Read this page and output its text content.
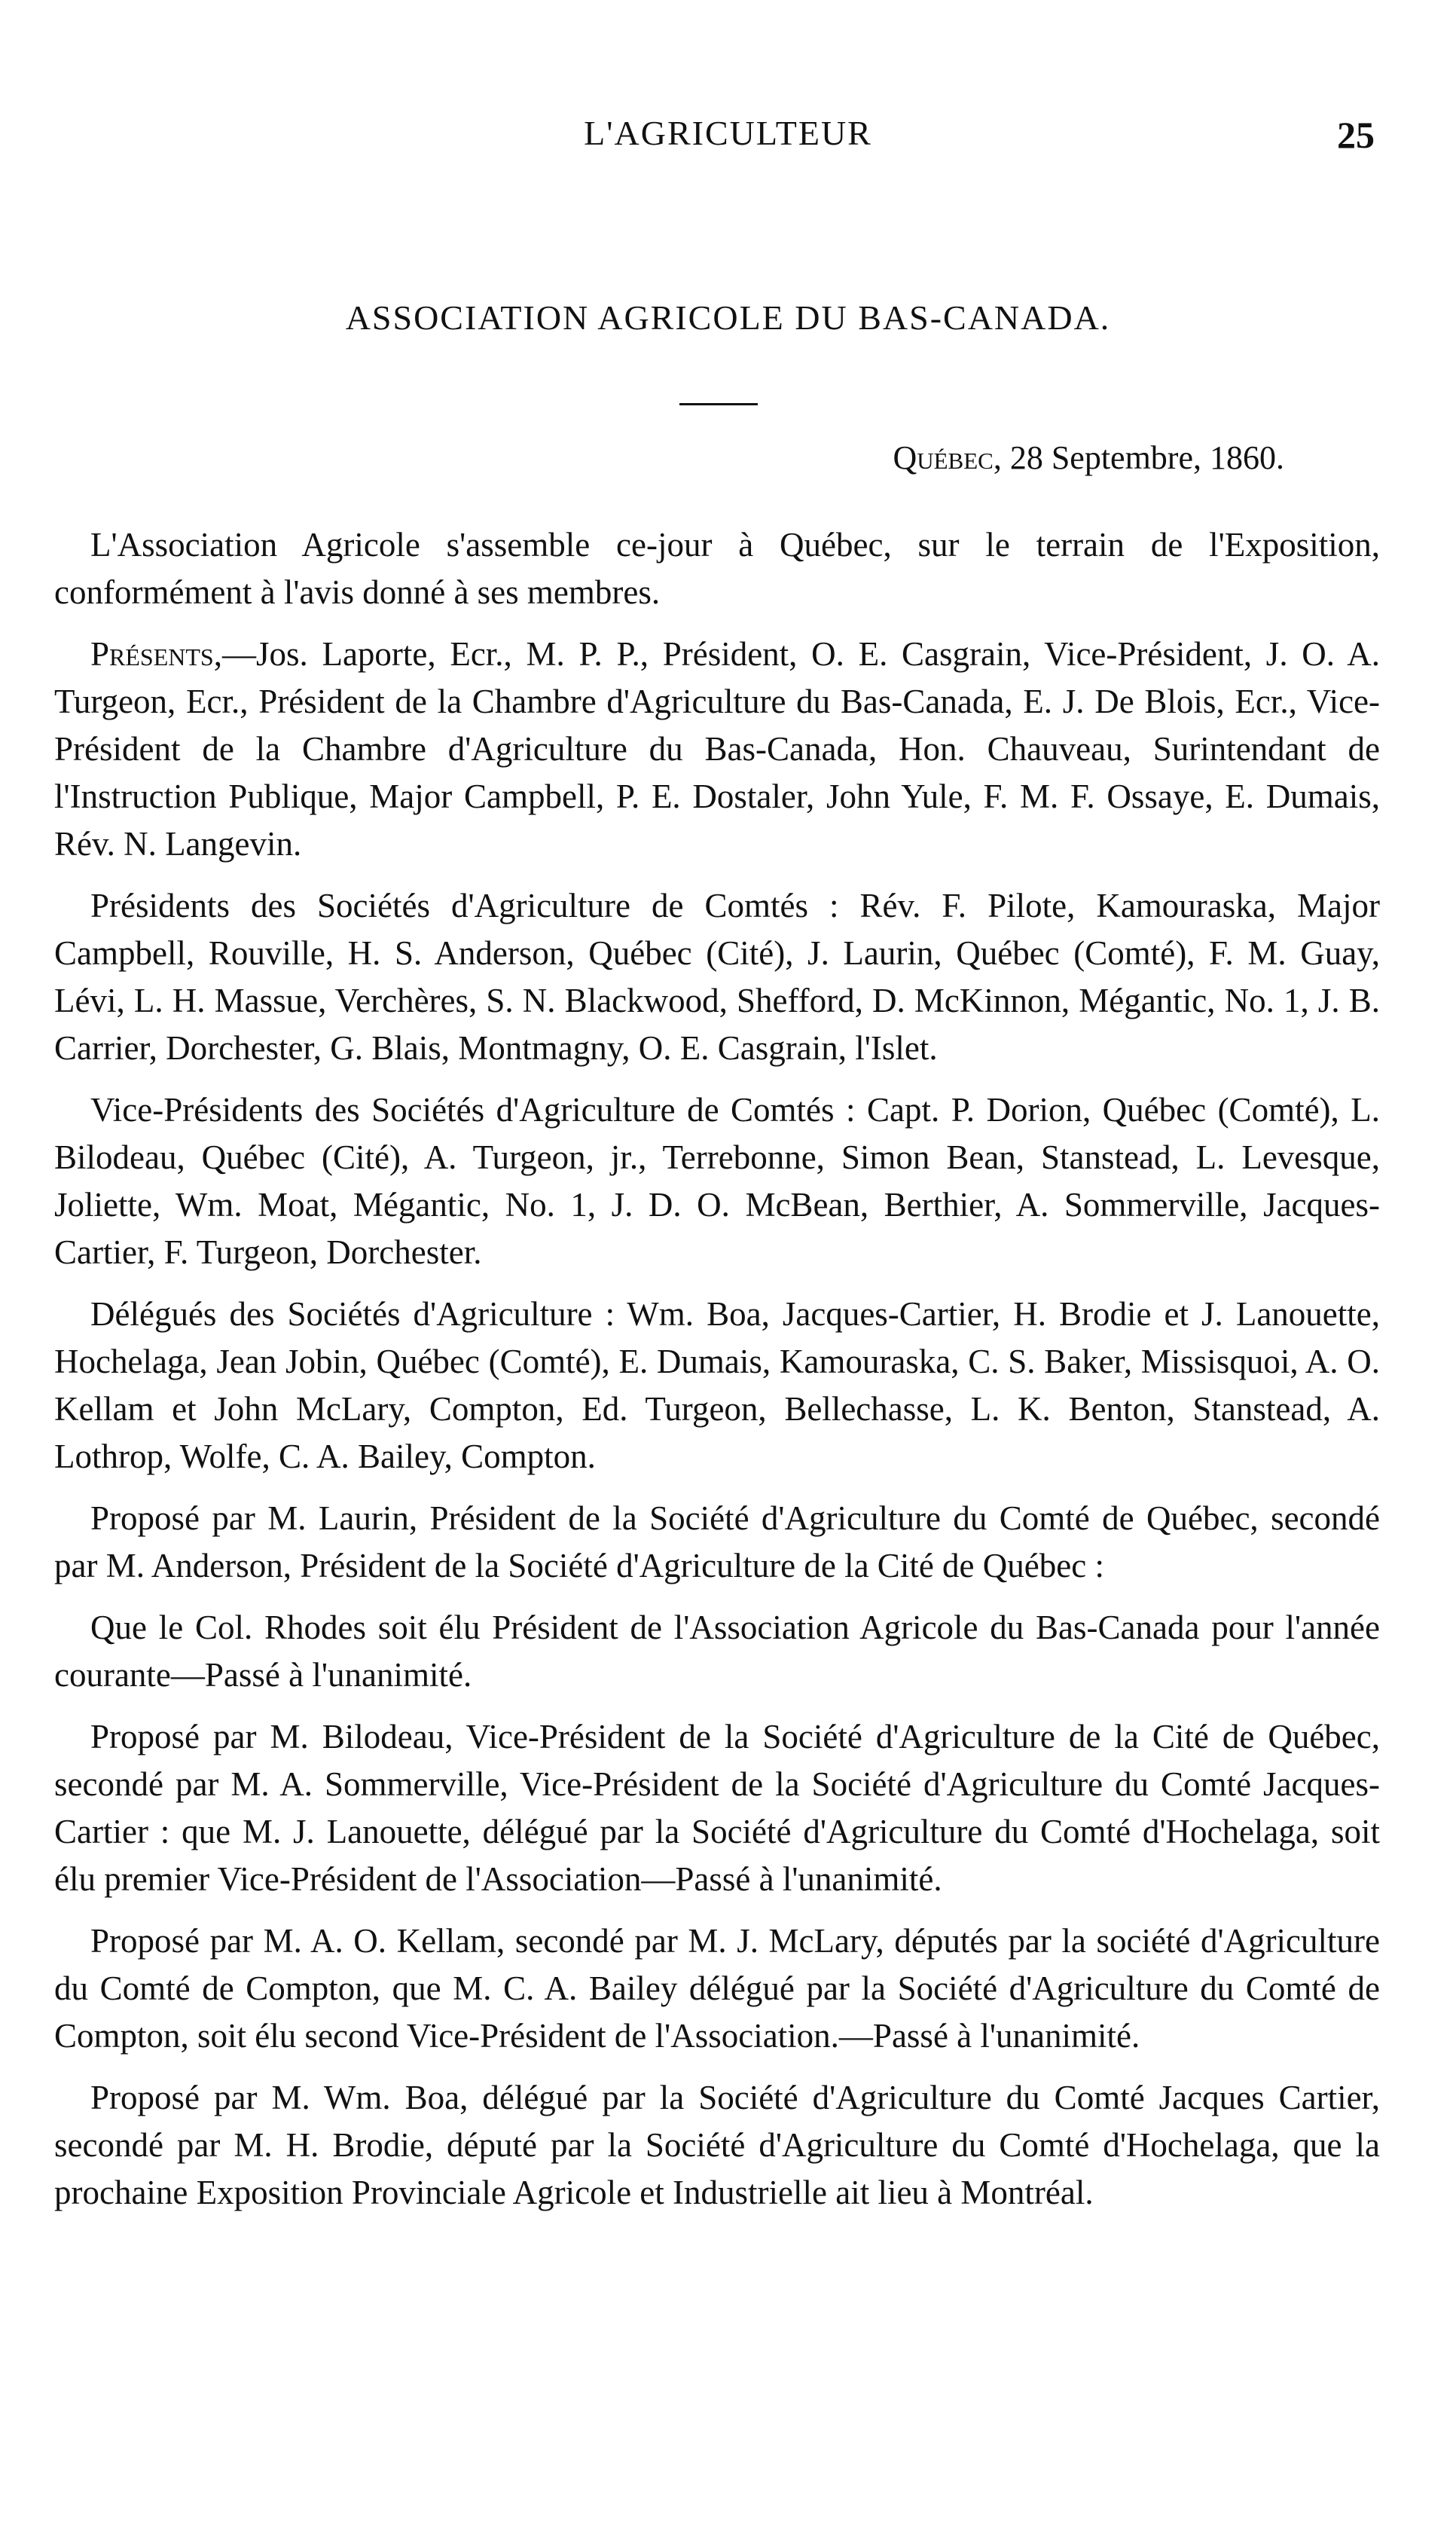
L'AGRICULTEUR	25
ASSOCIATION AGRICOLE DU BAS-CANADA.
Québec, 28 Septembre, 1860.

L'Association Agricole s'assemble ce-jour à Québec, sur le terrain de l'Exposition, conformément à l'avis donné à ses membres.

Présents,—Jos. Laporte, Ecr., M. P. P., Président, O. E. Casgrain, Vice-Président, J. O. A. Turgeon, Ecr., Président de la Chambre d'Agriculture du Bas-Canada, E. J. De Blois, Ecr., Vice-Président de la Chambre d'Agriculture du Bas-Canada, Hon. Chauveau, Surintendant de l'Instruction Publique, Major Campbell, P. E. Dostaler, John Yule, F. M. F. Ossaye, E. Dumais, Rév. N. Langevin.

Présidents des Sociétés d'Agriculture de Comtés : Rév. F. Pilote, Kamouraska, Major Campbell, Rouville, H. S. Anderson, Québec (Cité), J. Laurin, Québec (Comté), F. M. Guay, Lévi, L. H. Massue, Verchères, S. N. Blackwood, Shefford, D. McKinnon, Mégantic, No. 1, J. B. Carrier, Dorchester, G. Blais, Montmagny, O. E. Casgrain, l'Islet.

Vice-Présidents des Sociétés d'Agriculture de Comtés : Capt. P. Dorion, Québec (Comté), L. Bilodeau, Québec (Cité), A. Turgeon, jr., Terrebonne, Simon Bean, Stanstead, L. Levesque, Joliette, Wm. Moat, Mégantic, No. 1, J. D. O. McBean, Berthier, A. Sommerville, Jacques-Cartier, F. Turgeon, Dorchester.

Délégués des Sociétés d'Agriculture : Wm. Boa, Jacques-Cartier, H. Brodie et J. Lanouette, Hochelaga, Jean Jobin, Québec (Comté), E. Dumais, Kamouraska, C. S. Baker, Missisquoi, A. O. Kellam et John McLary, Compton, Ed. Turgeon, Bellechasse, L. K. Benton, Stanstead, A. Lothrop, Wolfe, C. A. Bailey, Compton.

Proposé par M. Laurin, Président de la Société d'Agriculture du Comté de Québec, secondé par M. Anderson, Président de la Société d'Agriculture de la Cité de Québec :

Que le Col. Rhodes soit élu Président de l'Association Agricole du Bas-Canada pour l'année courante—Passé à l'unanimité.

Proposé par M. Bilodeau, Vice-Président de la Société d'Agriculture de la Cité de Québec, secondé par M. A. Sommerville, Vice-Président de la Société d'Agriculture du Comté Jacques-Cartier : que M. J. Lanouette, délégué par la Société d'Agriculture du Comté d'Hochelaga, soit élu premier Vice-Président de l'Association—Passé à l'unanimité.

Proposé par M. A. O. Kellam, secondé par M. J. McLary, députés par la société d'Agriculture du Comté de Compton, que M. C. A. Bailey délégué par la Société d'Agriculture du Comté de Compton, soit élu second Vice-Président de l'Association.—Passé à l'unanimité.

Proposé par M. Wm. Boa, délégué par la Société d'Agriculture du Comté Jacques Cartier, secondé par M. H. Brodie, député par la Société d'Agriculture du Comté d'Hochelaga, que la prochaine Exposition Provinciale Agricole et Industrielle ait lieu à Montréal.
